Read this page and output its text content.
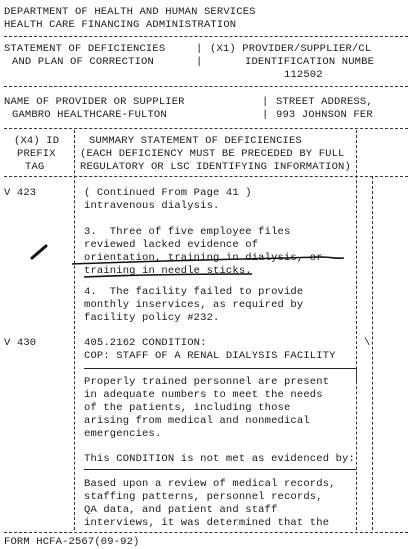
DEPARTMENT OF HEALTH AND HUMAN SERVICES
HEALTH CARE FINANCING ADMINISTRATION
STATEMENT OF DEFICIENCIES
AND PLAN OF CORRECTION
|
|
(X1) PROVIDER/SUPPLIER/CL
IDENTIFICATION NUMBE
112502
NAME OF PROVIDER OR SUPPLIER
GAMBRO HEALTHCARE-FULTON
|
|
STREET ADDRESS,
993 JOHNSON FER
(X4) ID
PREFIX
TAG
SUMMARY STATEMENT OF DEFICIENCIES
(EACH DEFICIENCY MUST BE PRECEDED BY FULL
REGULATORY OR LSC IDENTIFYING INFORMATION)
V 423	( Continued From Page 41 )
intravenous dialysis.
3.  Three of five employee files
reviewed lacked evidence of
orientation, training in dialysis, or
training in needle sticks.
4.  The facility failed to provide
monthly inservices, as required by
facility policy #232.
V 430	405.2162 CONDITION:
COP: STAFF OF A RENAL DIALYSIS FACILITY
\
Properly trained personnel are present
in adequate numbers to meet the needs
of the patients, including those
arising from medical and nonmedical
emergencies.
This CONDITION is not met as evidenced by:
Based upon a review of medical records,
staffing patterns, personnel records,
QA data, and patient and staff
interviews, it was determined that the
FORM HCFA-2567(09-92)
